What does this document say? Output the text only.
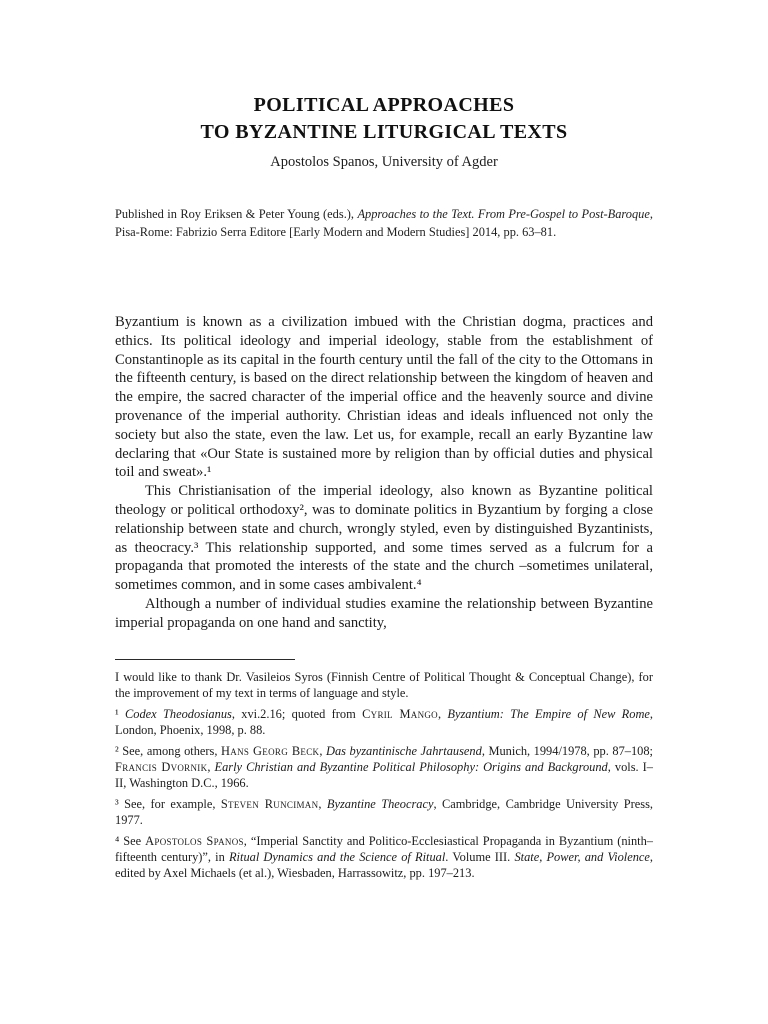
POLITICAL APPROACHES
TO BYZANTINE LITURGICAL TEXTS
Apostolos Spanos, University of Agder

Published in Roy Eriksen & Peter Young (eds.), Approaches to the Text. From Pre-Gospel to Post-Baroque, Pisa-Rome: Fabrizio Serra Editore [Early Modern and Modern Studies] 2014, pp. 63–81.

Byzantium is known as a civilization imbued with the Christian dogma, practices and ethics. Its political ideology and imperial ideology, stable from the establishment of Constantinople as its capital in the fourth century until the fall of the city to the Ottomans in the fifteenth century, is based on the direct relationship between the kingdom of heaven and the empire, the sacred character of the imperial office and the heavenly source and divine provenance of the imperial authority. Christian ideas and ideals influenced not only the society but also the state, even the law. Let us, for example, recall an early Byzantine law declaring that «Our State is sustained more by religion than by official duties and physical toil and sweat».¹

This Christianisation of the imperial ideology, also known as Byzantine political theology or political orthodoxy², was to dominate politics in Byzantium by forging a close relationship between state and church, wrongly styled, even by distinguished Byzantinists, as theocracy.³ This relationship supported, and some times served as a fulcrum for a propaganda that promoted the interests of the state and the church –sometimes unilateral, sometimes common, and in some cases ambivalent.⁴

Although a number of individual studies examine the relationship between Byzantine imperial propaganda on one hand and sanctity,

I would like to thank Dr. Vasileios Syros (Finnish Centre of Political Thought & Conceptual Change), for the improvement of my text in terms of language and style.

¹ Codex Theodosianus, xvi.2.16; quoted from Cyril Mango, Byzantium: The Empire of New Rome, London, Phoenix, 1998, p. 88.

² See, among others, Hans Georg Beck, Das byzantinische Jahrtausend, Munich, 1994/1978, pp. 87–108; Francis Dvornik, Early Christian and Byzantine Political Philosophy: Origins and Background, vols. I–II, Washington D.C., 1966.

³ See, for example, Steven Runciman, Byzantine Theocracy, Cambridge, Cambridge University Press, 1977.

⁴ See Apostolos Spanos, “Imperial Sanctity and Politico-Ecclesiastical Propaganda in Byzantium (ninth–fifteenth century)”, in Ritual Dynamics and the Science of Ritual. Volume III. State, Power, and Violence, edited by Axel Michaels (et al.), Wiesbaden, Harrassowitz, pp. 197–213.
